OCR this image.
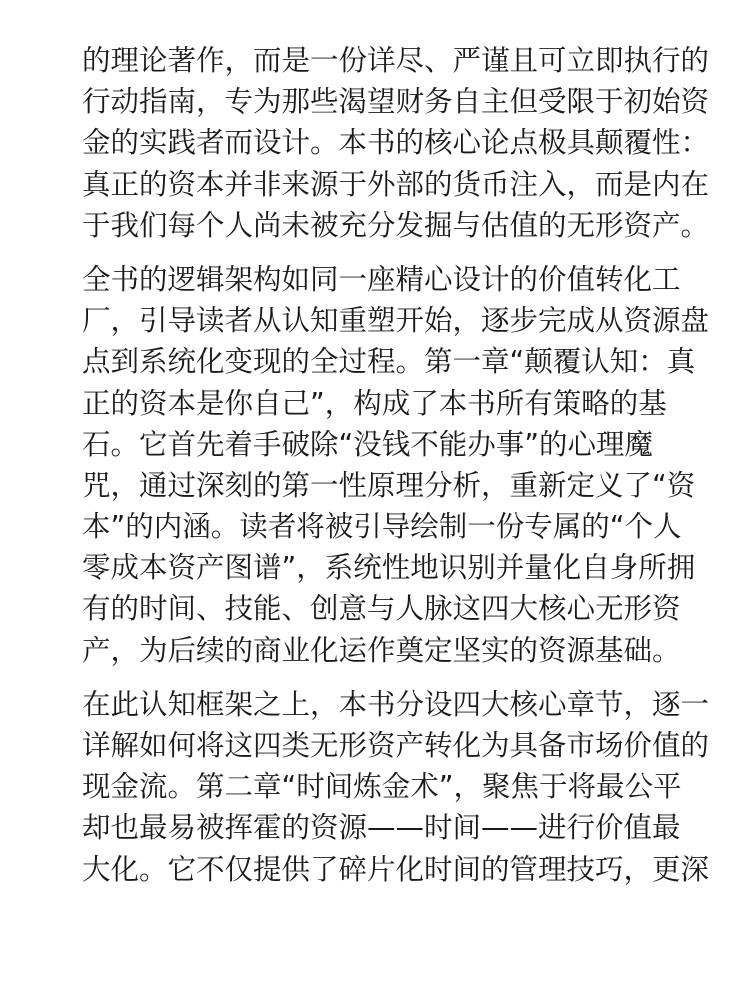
的理论著作，而是一份详尽、严谨且可立即执行的
行动指南，专为那些渴望财务自主但受限于初始资
金的实践者而设计。本书的核心论点极具颠覆性：
真正的资本并非来源于外部的货币注入，而是内在
于我们每个人尚未被充分发掘与估值的无形资产。
全书的逻辑架构如同一座精心设计的价值转化工
厂，引导读者从认知重塑开始，逐步完成从资源盘
点到系统化变现的全过程。第一章“颠覆认知：真
正的资本是你自己”，构成了本书所有策略的基
石。它首先着手破除“没钱不能办事”的心理魔
咒，通过深刻的第一性原理分析，重新定义了“资
本”的内涵。读者将被引导绘制一份专属的“个人
零成本资产图谱”，系统性地识别并量化自身所拥
有的时间、技能、创意与人脉这四大核心无形资
产，为后续的商业化运作奠定坚实的资源基础。
在此认知框架之上，本书分设四大核心章节，逐一
详解如何将这四类无形资产转化为具备市场价值的
现金流。第二章“时间炼金术”，聚焦于将最公平
却也最易被挥霍的资源——时间——进行价值最
大化。它不仅提供了碎片化时间的管理技巧，更深
